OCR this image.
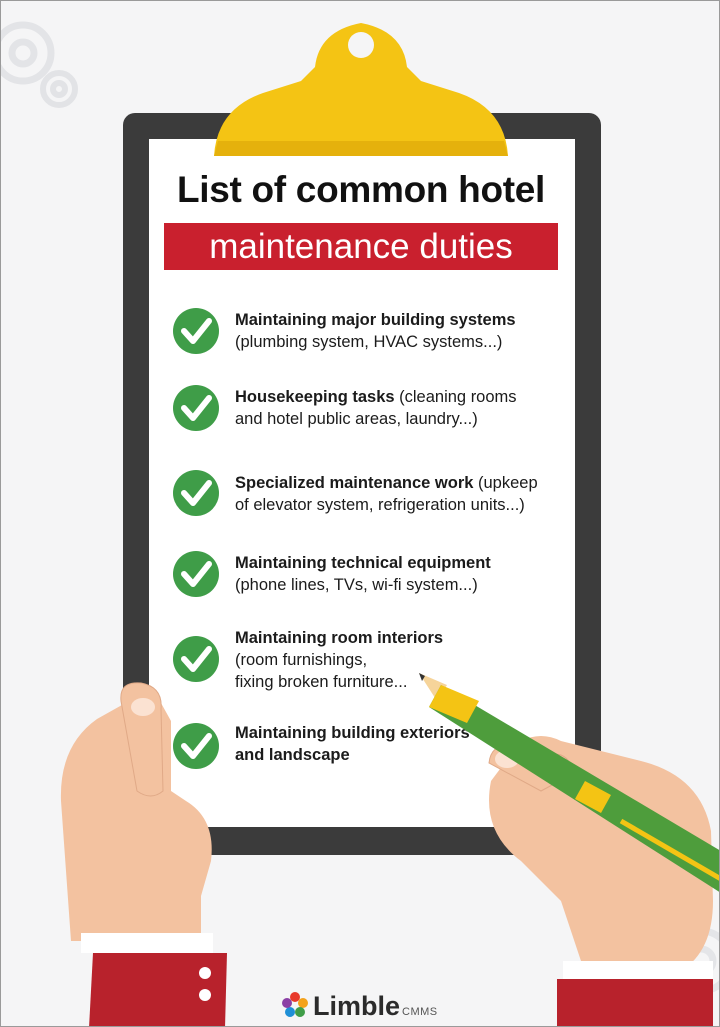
List of common hotel
maintenance duties
Maintaining major building systems
(plumbing system, HVAC systems...)
Housekeeping tasks (cleaning rooms
and hotel public areas, laundry...)
Specialized maintenance work (upkeep
of elevator system, refrigeration units...)
Maintaining technical equipment
(phone lines, TVs, wi-fi system...)
Maintaining room interiors
(room furnishings,
fixing broken furniture...
Maintaining building exteriors
and landscape
Limble CMMS
